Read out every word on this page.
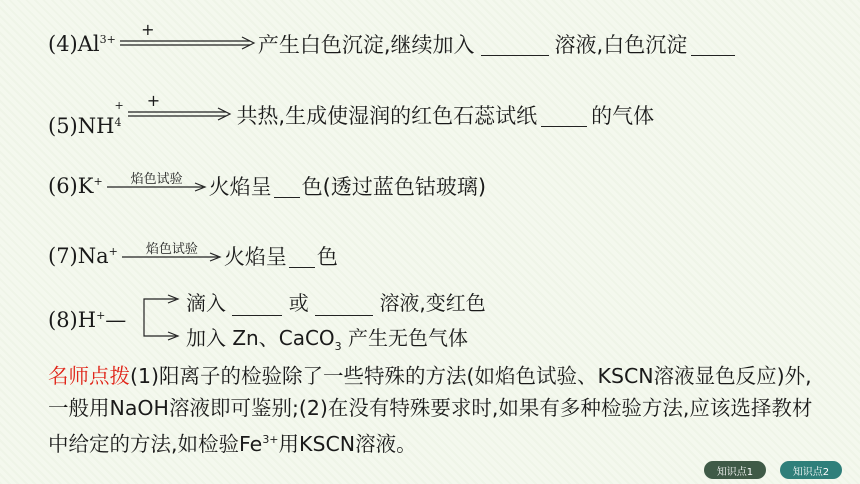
$(4)Al^{3+}$
+
产生白色沉淀,继续加入	溶液,白色沉淀
(5)NH
+
4
+
共热,生成使湿润的红色石蕊试纸	的气体
(6)K+	焰色试验	火焰呈 色(透过蓝色钴玻璃)
(7)Na+	焰色试验	火焰呈 色
(8)H+—
滴入	或	溶液,变红色
加入 Zn、CaCO$_3$ 产生无色气体
名师点拨(1)阳离子的检验除了一些特殊的方法(如焰色试验、KSCN溶液显色反应)外,一般用NaOH溶液即可鉴别;(2)在没有特殊要求时,如果有多种检验方法,应该选择教材中给定的方法,如检验$Fe^{3+}$用KSCN溶液。
知识点1	知识点2
